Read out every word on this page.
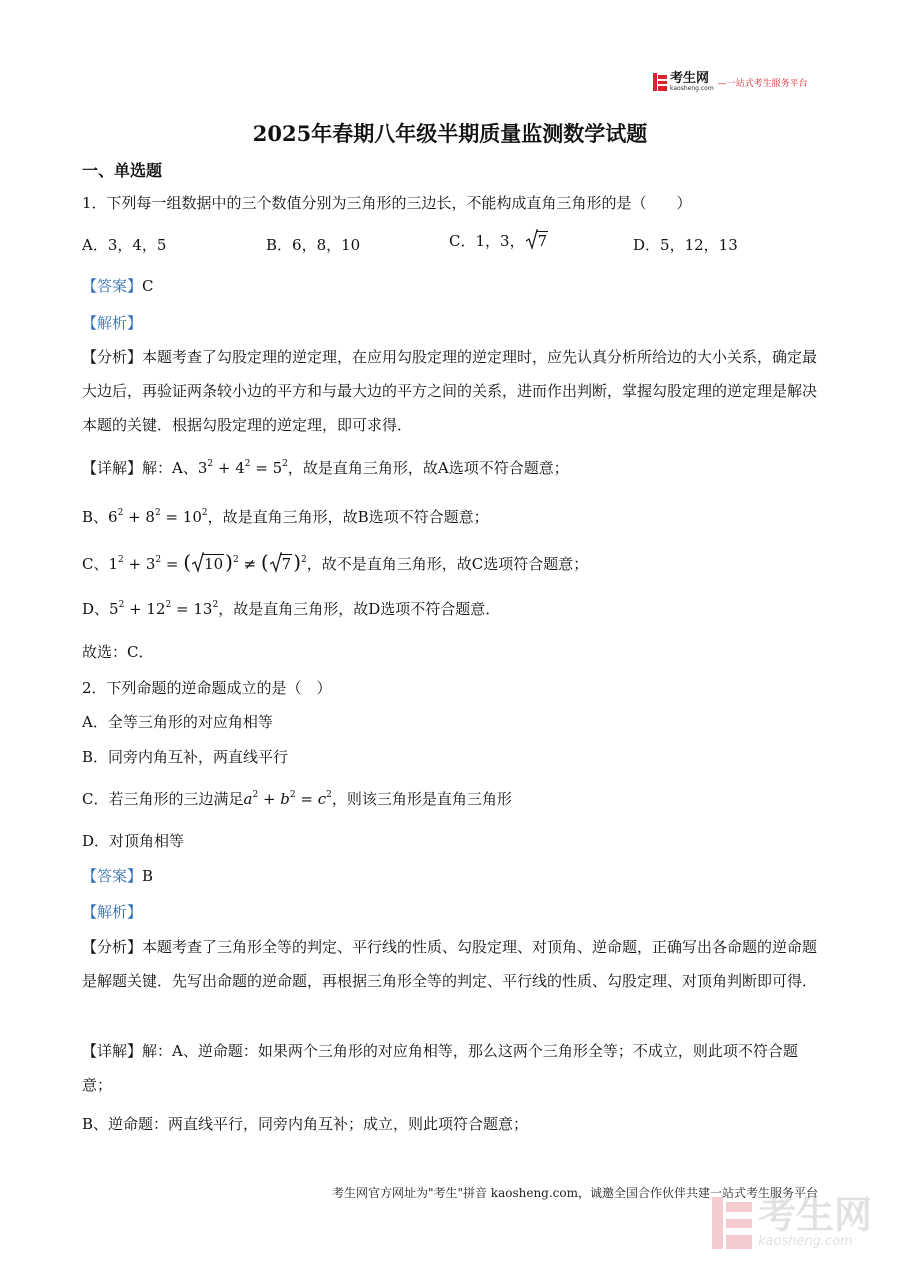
考生网
kaosheng.com —一站式考生服务平台
2025年春期八年级半期质量监测数学试题
一、单选题
1．下列每一组数据中的三个数值分别为三角形的三边长，不能构成直角三角形的是（　　）
A．3，4，5	B．6，8，10	C．1，3， 7	D．5，12，13
【答案】C
【解析】
【分析】本题考查了勾股定理的逆定理，在应用勾股定理的逆定理时，应先认真分析所给边的大小关系，确定最大边后，再验证两条较小边的平方和与最大边的平方之间的关系，进而作出判断，掌握勾股定理的逆定理是解决本题的关键．根据勾股定理的逆定理，即可求得．
【详解】解：A、$3^2 + 4^2 = 5^2$，故是直角三角形，故A选项不符合题意；
B、$6^2 + 8^2 = 10^2$，故是直角三角形，故B选项不符合题意；
C、$1^2 + 3^2$ = ( 10 )$^2$ ≠ ( 7 )$^2$，故不是直角三角形，故C选项符合题意；
D、$5^2 + 12^2 = 13^2$，故是直角三角形，故D选项不符合题意．
故选：C．
2．下列命题的逆命题成立的是（　）
A．全等三角形的对应角相等
B．同旁内角互补，两直线平行
C．若三角形的三边满足$a^2 + b^2 = c^2$，则该三角形是直角三角形
D．对顶角相等
【答案】B
【解析】
【分析】本题考查了三角形全等的判定、平行线的性质、勾股定理、对顶角、逆命题，正确写出各命题的逆命题是解题关键．先写出命题的逆命题，再根据三角形全等的判定、平行线的性质、勾股定理、对顶角判断即可得．
【详解】解：A、逆命题：如果两个三角形的对应角相等，那么这两个三角形全等；不成立，则此项不符合题意；
B、逆命题：两直线平行，同旁内角互补；成立，则此项符合题意；
考生网官方网址为"考生"拼音 kaosheng.com，诚邀全国合作伙伴共建一站式考生服务平台
考生网
kaosheng.com
